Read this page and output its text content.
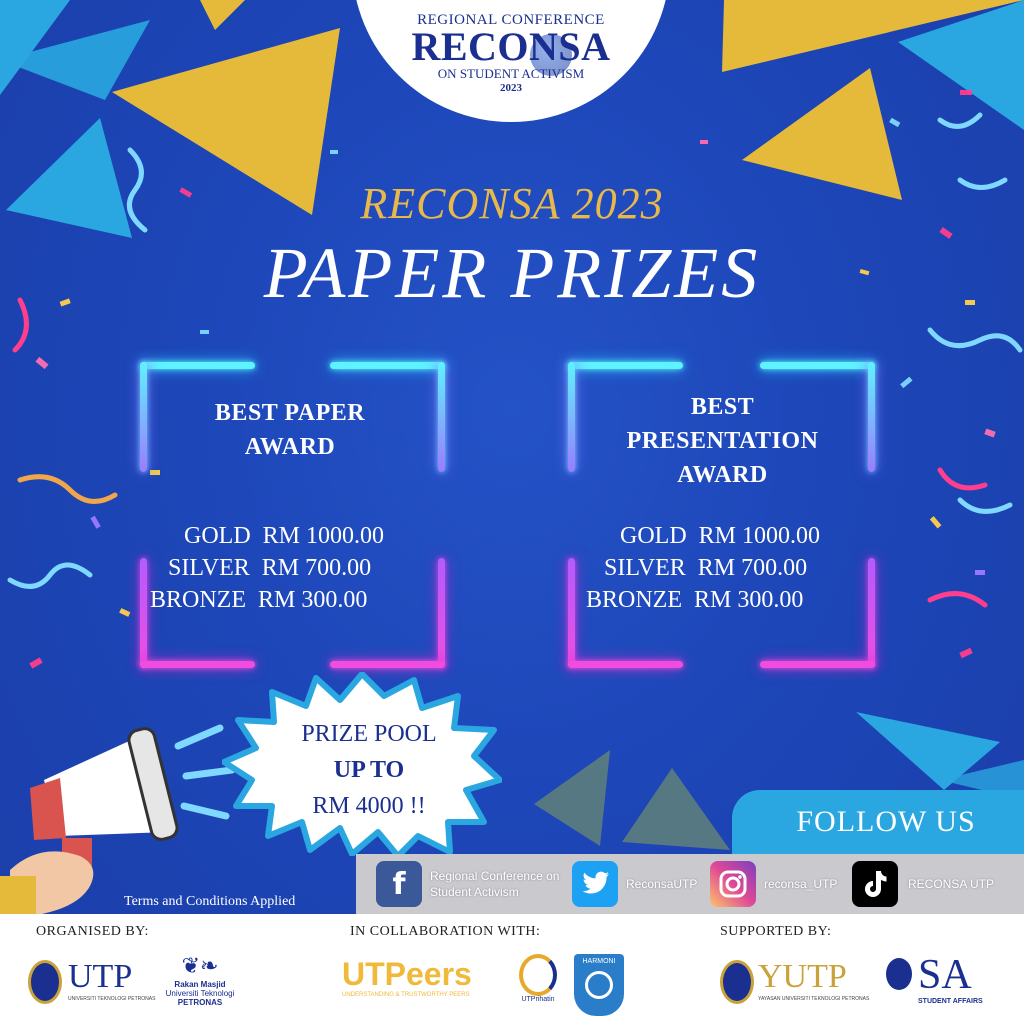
REGIONAL CONFERENCE
RECONSA
ON STUDENT ACTIVISM
2023
RECONSA 2023
PAPER PRIZES
BEST PAPER
AWARD
GOLD RM 1000.00
SILVER RM 700.00
BRONZE RM 300.00
BEST
PRESENTATION
AWARD
GOLD RM 1000.00
SILVER RM 700.00
BRONZE RM 300.00
PRIZE POOL
UP TO
RM 4000 !!
Terms and Conditions Applied
FOLLOW US
f	Regional Conference on Student Activism
ReconsaUTP	reconsa_UTP	RECONSA UTP
ORGANISED BY:	IN COLLABORATION WITH:	SUPPORTED BY:
UTP
UNIVERSITI TEKNOLOGI PETRONAS
❦❧
Rakan Masjid
Universiti Teknologi
PETRONAS
UTPeers
UNDERSTANDING & TRUSTWORTHY PEERS
UTPrihatin
HARMONI	YUTP
YAYASAN UNIVERSITI TEKNOLOGI PETRONAS
SA
STUDENT AFFAIRS
